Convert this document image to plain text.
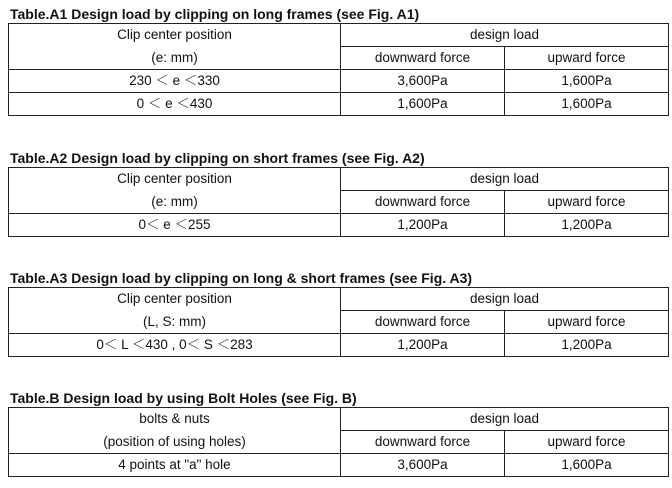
Table.A1 Design load by clipping on long frames (see Fig. A1)
Clip center position	design load	
(e: mm)	downward force	upward force
230 ＜ e ＜330	3,600Pa	1,600Pa
0 ＜ e ＜430	1,600Pa	1,600Pa
Table.A2 Design load by clipping on short frames (see Fig. A2)
Clip center position	design load	
(e: mm)	downward force	upward force
0＜ e ＜255	1,200Pa	1,200Pa
Table.A3 Design load by clipping on long & short frames (see Fig. A3)
Clip center position	design load	
(L, S: mm)	downward force	upward force
0＜ L ＜430 , 0＜ S ＜283	1,200Pa	1,200Pa
Table.B Design load by using Bolt Holes (see Fig. B)
bolts & nuts	design load	
(position of using holes)	downward force	upward force
4 points at "a" hole	3,600Pa	1,600Pa
